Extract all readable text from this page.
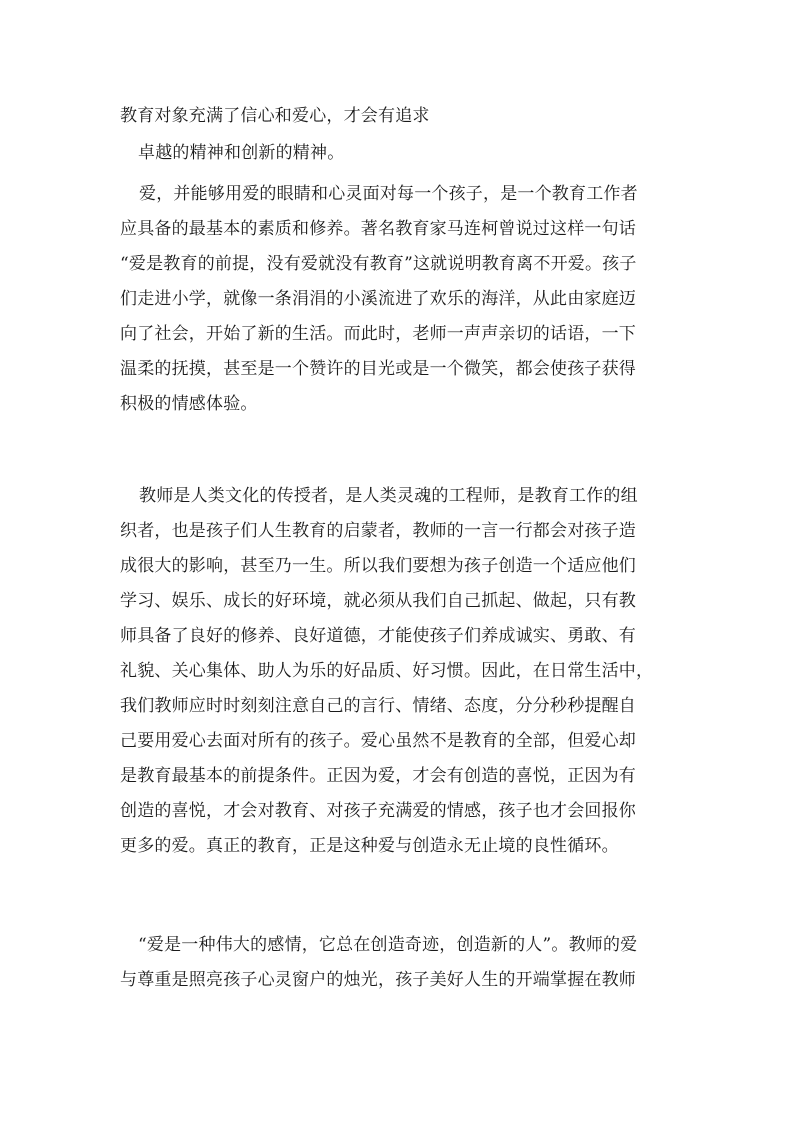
教育对象充满了信心和爱心，才会有追求
卓越的精神和创新的精神。
爱，并能够用爱的眼睛和心灵面对每一个孩子，是一个教育工作者
应具备的最基本的素质和修养。著名教育家马连柯曾说过这样一句话
“爱是教育的前提，没有爱就没有教育”这就说明教育离不开爱。孩子
们走进小学，就像一条涓涓的小溪流进了欢乐的海洋，从此由家庭迈
向了社会，开始了新的生活。而此时，老师一声声亲切的话语，一下
温柔的抚摸，甚至是一个赞许的目光或是一个微笑，都会使孩子获得
积极的情感体验。
教师是人类文化的传授者，是人类灵魂的工程师，是教育工作的组
织者，也是孩子们人生教育的启蒙者，教师的一言一行都会对孩子造
成很大的影响，甚至乃一生。所以我们要想为孩子创造一个适应他们
学习、娱乐、成长的好环境，就必须从我们自己抓起、做起，只有教
师具备了良好的修养、良好道德，才能使孩子们养成诚实、勇敢、有
礼貌、关心集体、助人为乐的好品质、好习惯。因此，在日常生活中，
我们教师应时时刻刻注意自己的言行、情绪、态度，分分秒秒提醒自
己要用爱心去面对所有的孩子。爱心虽然不是教育的全部，但爱心却
是教育最基本的前提条件。正因为爱，才会有创造的喜悦，正因为有
创造的喜悦，才会对教育、对孩子充满爱的情感，孩子也才会回报你
更多的爱。真正的教育，正是这种爱与创造永无止境的良性循环。
“爱是一种伟大的感情，它总在创造奇迹，创造新的人”。教师的爱
与尊重是照亮孩子心灵窗户的烛光，孩子美好人生的开端掌握在教师
